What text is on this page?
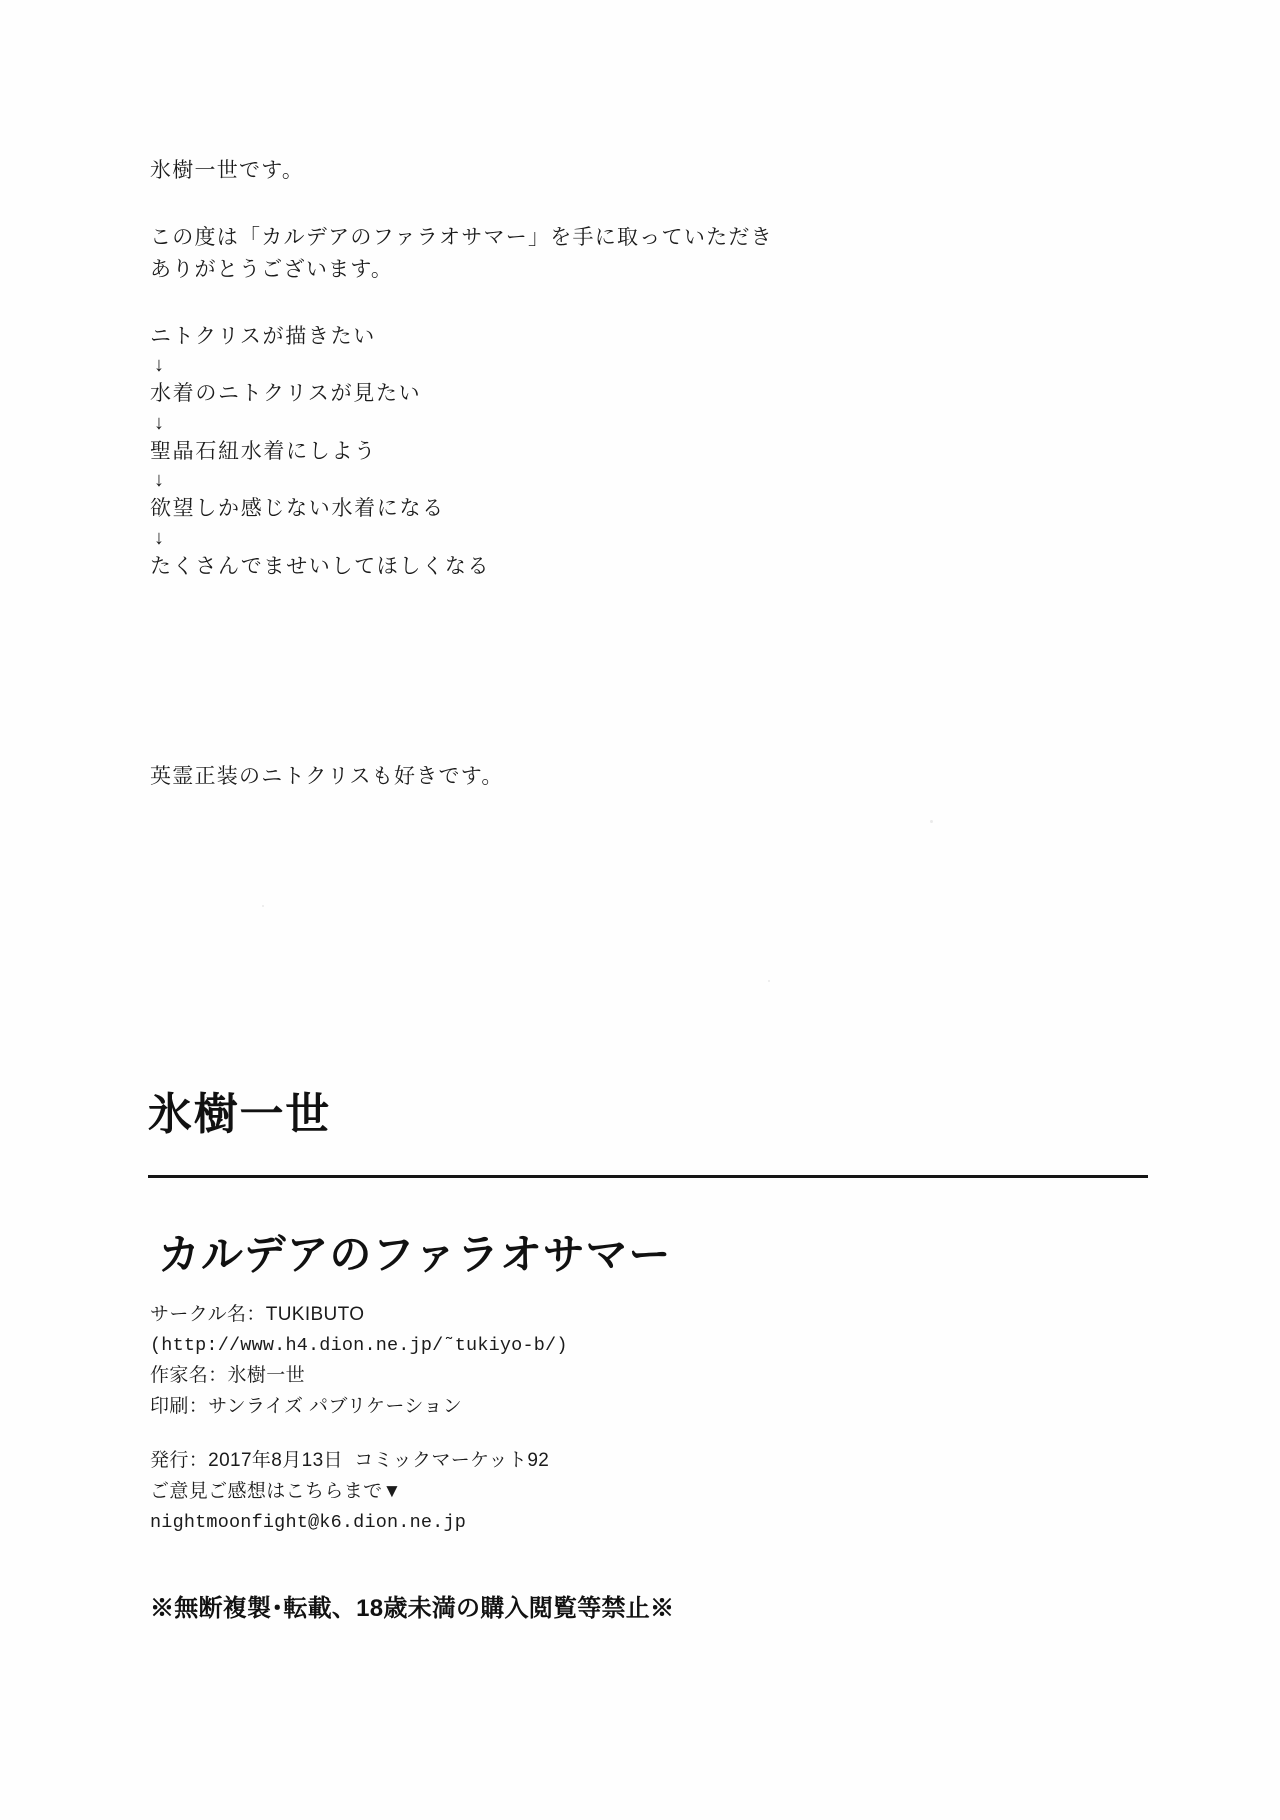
氷樹一世です。
この度は「カルデアのファラオサマー」を手に取っていただき
ありがとうございます。
ニトクリスが描きたい
↓
水着のニトクリスが見たい
↓
聖晶石紐水着にしよう
↓
欲望しか感じない水着になる
↓
たくさんでませいしてほしくなる
英霊正装のニトクリスも好きです。
氷樹一世
カルデアのファラオサマー
サークル名：TUKIBUTO
(http://www.h4.dion.ne.jp/˜tukiyo-b/)
作家名：氷樹一世
印刷：サンライズ パブリケーション
発行：2017年8月13日  コミックマーケット92
ご意見ご感想はこちらまで▼
nightmoonfight@k6.dion.ne.jp
※無断複製･転載、18歳未満の購入閲覧等禁止※
